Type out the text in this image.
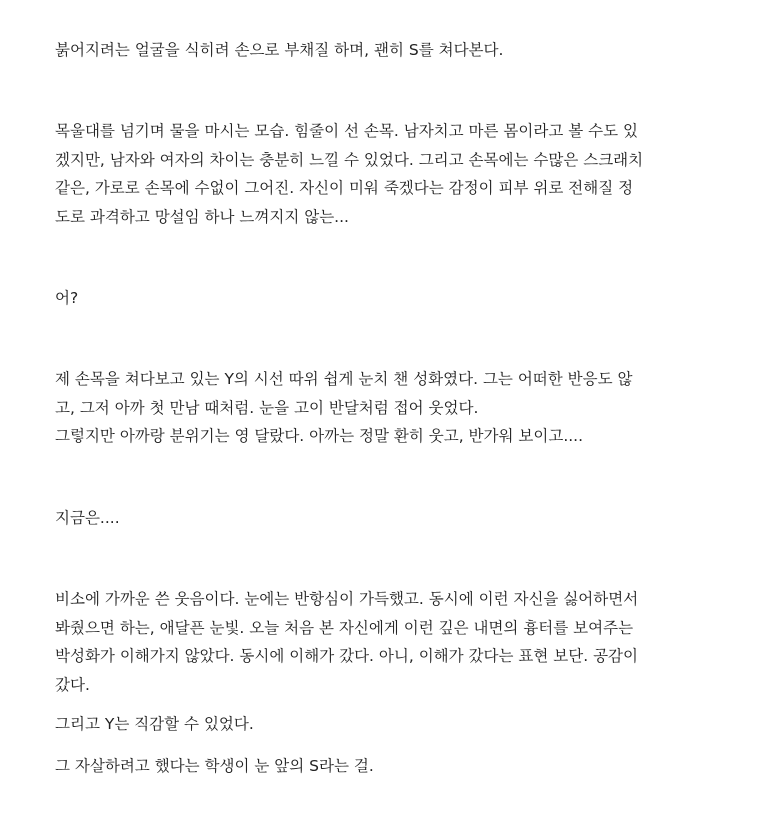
붉어지려는 얼굴을 식히려 손으로 부채질 하며, 괜히 S를 쳐다본다.
목울대를 넘기며 물을 마시는 모습. 힘줄이 선 손목. 남자치고 마른 몸이라고 볼 수도 있
겠지만, 남자와 여자의 차이는 충분히 느낄 수 있었다. 그리고 손목에는 수많은 스크래치
같은, 가로로 손목에 수없이 그어진. 자신이 미워 죽겠다는 감정이 피부 위로 전해질 정
도로 과격하고 망설임 하나 느껴지지 않는...
어?
제 손목을 쳐다보고 있는 Y의 시선 따위 쉽게 눈치 챈 성화였다. 그는 어떠한 반응도 않
고, 그저 아까 첫 만남 때처럼. 눈을 고이 반달처럼 접어 웃었다.
그렇지만 아까랑 분위기는 영 달랐다. 아까는 정말 환히 웃고, 반가워 보이고....
지금은....
비소에 가까운 쓴 웃음이다. 눈에는 반항심이 가득했고. 동시에 이런 자신을 싫어하면서
봐줬으면 하는, 애달픈 눈빛. 오늘 처음 본 자신에게 이런 깊은 내면의 흉터를 보여주는
박성화가 이해가지 않았다. 동시에 이해가 갔다. 아니, 이해가 갔다는 표현 보단. 공감이
갔다.
그리고 Y는 직감할 수 있었다.
그 자살하려고 했다는 학생이 눈 앞의 S라는 걸.
